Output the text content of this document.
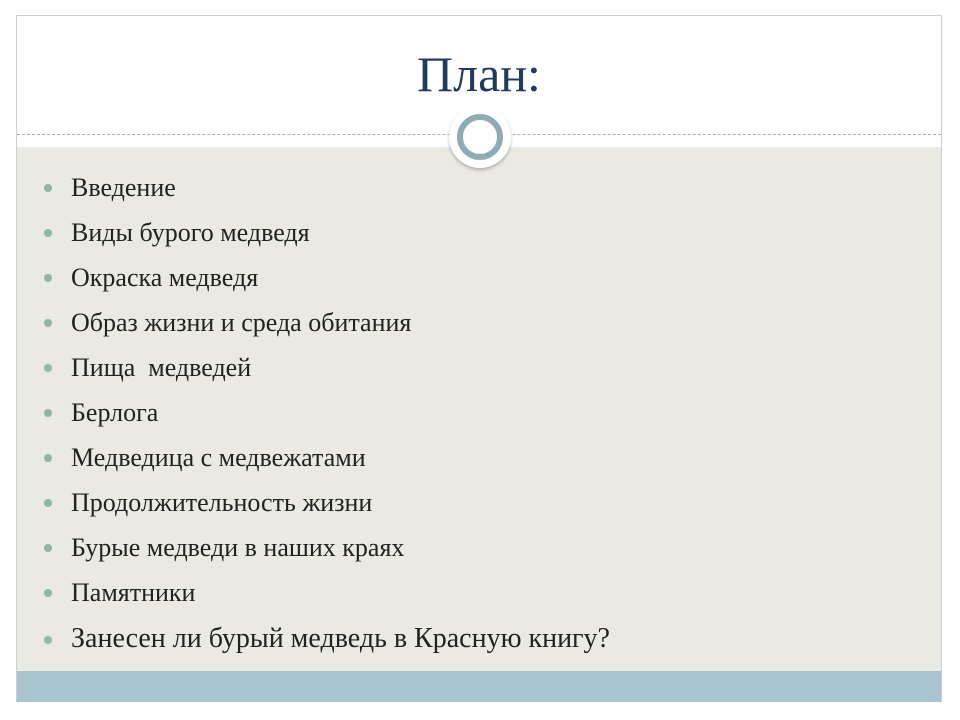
План:
Введение
Виды бурого медведя
Окраска медведя
Образ жизни и среда обитания
Пища  медведей
Берлога
Медведица с медвежатами
Продолжительность жизни
Бурые медведи в наших краях
Памятники
Занесен ли бурый медведь в Красную книгу?
